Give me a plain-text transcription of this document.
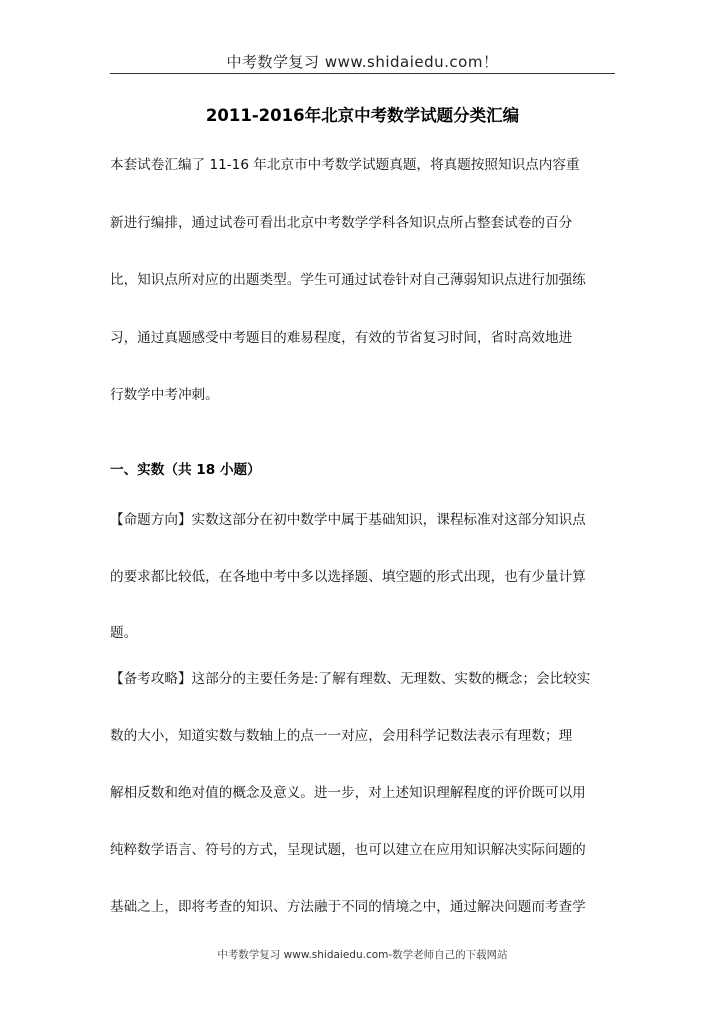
中考数学复习 www.shidaiedu.com！
2011-2016年北京中考数学试题分类汇编
本套试卷汇编了 11-16 年北京市中考数学试题真题，将真题按照知识点内容重
新进行编排，通过试卷可看出北京中考数学学科各知识点所占整套试卷的百分
比，知识点所对应的出题类型。学生可通过试卷针对自己薄弱知识点进行加强练
习，通过真题感受中考题目的难易程度，有效的节省复习时间，省时高效地进
行数学中考冲刺。
一、实数（共 18 小题）
【命题方向】实数这部分在初中数学中属于基础知识，课程标准对这部分知识点
的要求都比较低，在各地中考中多以选择题、填空题的形式出现，也有少量计算
题。
【备考攻略】这部分的主要任务是:了解有理数、无理数、实数的概念；会比较实
数的大小，知道实数与数轴上的点一一对应，会用科学记数法表示有理数；理
解相反数和绝对值的概念及意义。进一步，对上述知识理解程度的评价既可以用
纯粹数学语言、符号的方式，呈现试题，也可以建立在应用知识解决实际问题的
基础之上，即将考查的知识、方法融于不同的情境之中，通过解决问题而考查学
中考数学复习 www.shidaiedu.com-数学老师自己的下载网站
